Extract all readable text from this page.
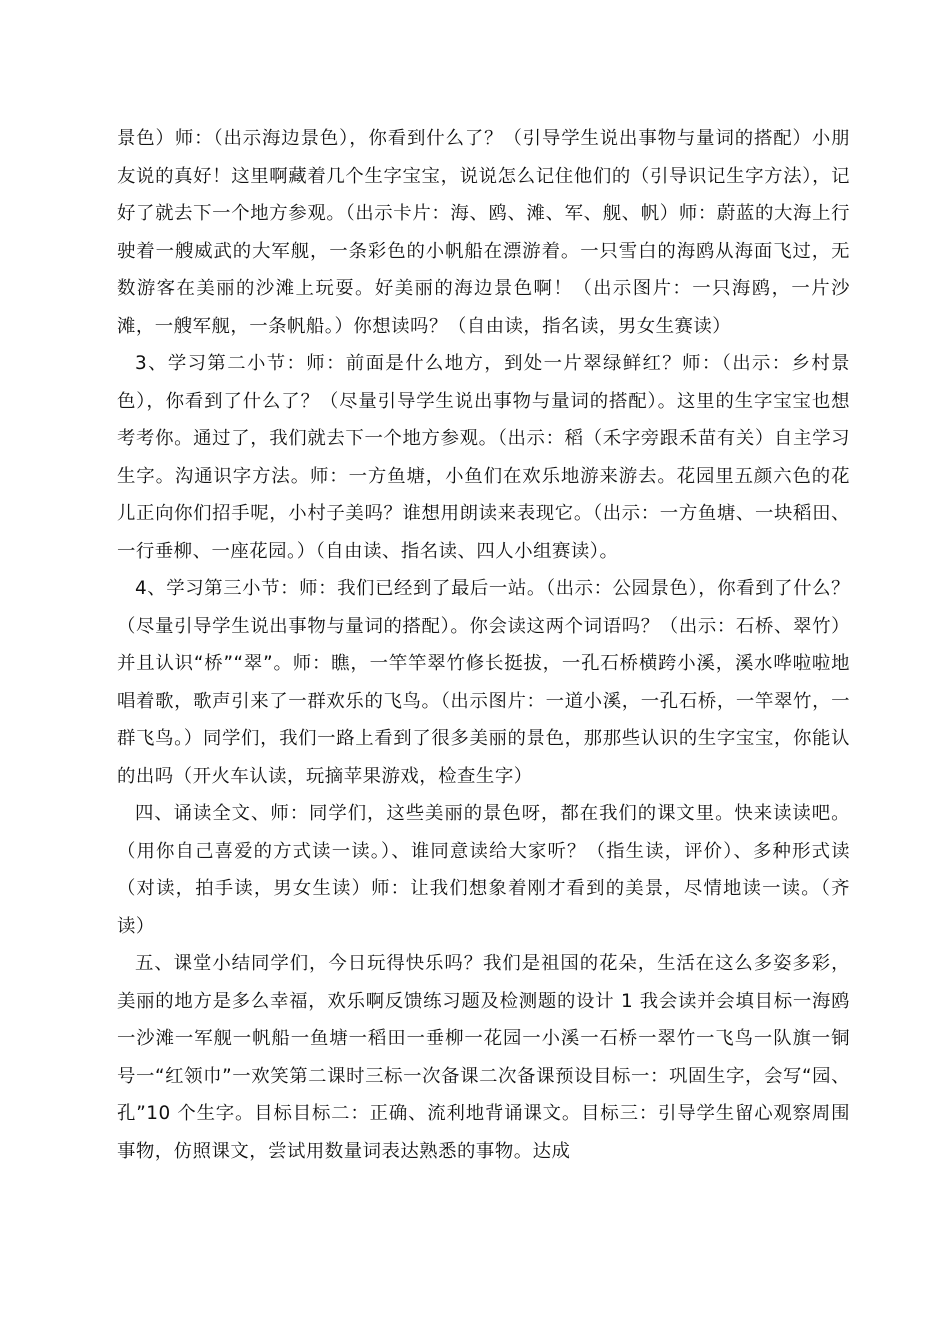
景色）师：（出示海边景色），你看到什么了？（引导学生说出事物与量词的搭配）小朋友说的真好！这里啊藏着几个生字宝宝，说说怎么记住他们的（引导识记生字方法），记好了就去下一个地方参观。（出示卡片：海、鸥、滩、军、舰、帆）师：蔚蓝的大海上行驶着一艘威武的大军舰，一条彩色的小帆船在漂游着。一只雪白的海鸥从海面飞过，无数游客在美丽的沙滩上玩耍。好美丽的海边景色啊！（出示图片：一只海鸥，一片沙滩，一艘军舰，一条帆船。）你想读吗？（自由读，指名读，男女生赛读）

3、学习第二小节：师：前面是什么地方，到处一片翠绿鲜红？师：（出示：乡村景色），你看到了什么了？（尽量引导学生说出事物与量词的搭配）。这里的生字宝宝也想考考你。通过了，我们就去下一个地方参观。（出示：稻（禾字旁跟禾苗有关）自主学习生字。沟通识字方法。师：一方鱼塘，小鱼们在欢乐地游来游去。花园里五颜六色的花儿正向你们招手呢，小村子美吗？谁想用朗读来表现它。（出示：一方鱼塘、一块稻田、一行垂柳、一座花园。）（自由读、指名读、四人小组赛读）。

4、学习第三小节：师：我们已经到了最后一站。（出示：公园景色），你看到了什么？（尽量引导学生说出事物与量词的搭配）。你会读这两个词语吗？（出示：石桥、翠竹）并且认识“桥”“翠”。师：瞧，一竿竿翠竹修长挺拔，一孔石桥横跨小溪，溪水哗啦啦地唱着歌，歌声引来了一群欢乐的飞鸟。（出示图片：一道小溪，一孔石桥，一竿翠竹，一群飞鸟。）同学们，我们一路上看到了很多美丽的景色，那那些认识的生字宝宝，你能认的出吗（开火车认读，玩摘苹果游戏，检查生字）

四、诵读全文、师：同学们，这些美丽的景色呀，都在我们的课文里。快来读读吧。（用你自己喜爱的方式读一读。）、谁同意读给大家听？（指生读，评价）、多种形式读（对读，拍手读，男女生读）师：让我们想象着刚才看到的美景，尽情地读一读。（齐读）

五、课堂小结同学们，今日玩得快乐吗？我们是祖国的花朵，生活在这么多姿多彩，美丽的地方是多么幸福，欢乐啊反馈练习题及检测题的设计 1 我会读并会填目标一海鸥一沙滩一军舰一帆船一鱼塘一稻田一垂柳一花园一小溪一石桥一翠竹一飞鸟一队旗一铜号一“红领巾”一欢笑第二课时三标一次备课二次备课预设目标一：巩固生字，会写“园、孔”10 个生字。目标目标二：正确、流利地背诵课文。目标三：引导学生留心观察周围事物，仿照课文，尝试用数量词表达熟悉的事物。达成
